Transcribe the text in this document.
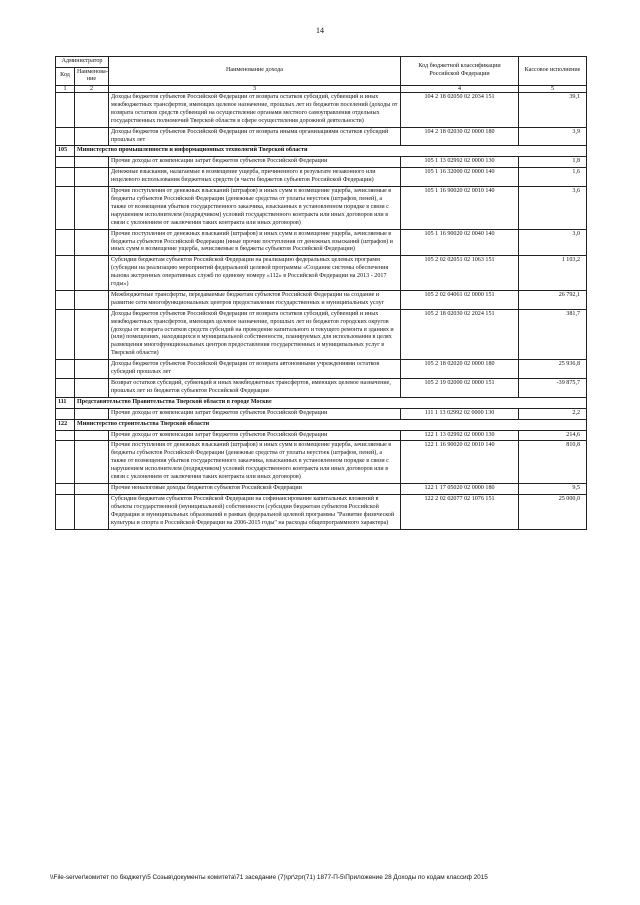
14
Администратор		Наименование дохода	Код бюджетной классификации Российской Федерации	Кассовое исполнение
Код	Наименова-ние			
1	2	3	4	5
		Доходы бюджетов субъектов Российской Федерации от возврата остатков субсидий, субвенций и иных межбюджетных трансфертов, имеющих целевое назначение, прошлых лет из бюджетов поселений (доходы от возврата остатков средств субвенций на осуществление органами местного самоуправления отдельных государственных полномочий Тверской области в сфере осуществления дорожной деятельности)	104 2 18 02050 02 2034 151	39,1
		Доходы бюджетов субъектов Российской Федерации от возврата иными организациями остатков субсидий прошлых лет	104 2 18 02030 02 0000 180	3,9
105	Министерство промышленности и информационных технологий Тверской области			
		Прочие доходы от компенсации затрат бюджетов субъектов Российской Федерации	105 1 13 02992 02 0000 130	1,8
		Денежные взыскания, налагаемые в возмещение ущерба, причиненного в результате незаконного или нецелевого использования бюджетных средств (в части бюджетов субъектов Российской Федерации)	105 1 16 32000 02 0000 140	1,6
		Прочие поступления от денежных взысканий (штрафов) и иных сумм в возмещение ущерба, зачисляемые в бюджеты субъектов Российской Федерации (денежные средства от уплаты неустоек (штрафов, пеней), а также от возмещения убытков государственного заказчика, взысканных в установленном порядке в связи с нарушением исполнителем (подрядчиком) условий государственного контракта или иных договоров или в связи с уклонением от заключения таких контракта или иных договоров)	105 1 16 90020 02 0010 140	3,6
		Прочие поступления от денежных взысканий (штрафов) и иных сумм в возмещение ущерба, зачисляемые в бюджеты субъектов Российской Федерации (иные прочие поступления от денежных взысканий (штрафов) и иных сумм в возмещение ущерба, зачисляемые в бюджеты субъектов Российской Федерации)	105 1 16 90020 02 0040 140	3,0
		Субсидии бюджетам субъектов Российской Федерации на реализацию федеральных целевых программ (субсидии на реализацию мероприятий федеральной целевой программы «Создание системы обеспечения вызова экстренных оперативных служб по единому номеру «112» в Российской Федерации на 2013 - 2017 годы»)	105 2 02 02051 02 1063 151	1 103,2
		Межбюджетные трансферты, передаваемые бюджетам субъектов Российской Федерации на создание и развитие сети многофункциональных центров предоставления государственных и муниципальных услуг	105 2 02 04061 02 0000 151	26 792,1
		Доходы бюджетов субъектов Российской Федерации от возврата остатков субсидий, субвенций и иных межбюджетных трансфертов, имеющих целевое назначение, прошлых лет из бюджетов городских округов (доходы от возврата остатков средств субсидий на проведение капитального и текущего ремонта в зданиях и (или) помещениях, находящихся в муниципальной собственности, планируемых для использования в целях размещения многофункциональных центров предоставления государственных и муниципальных услуг в Тверской области)	105 2 18 02030 02 2024 151	381,7
		Доходы бюджетов субъектов Российской Федерации от возврата автономными учреждениями остатков субсидий прошлых лет	105 2 18 02020 02 0000 180	25 936,8
		Возврат остатков субсидий, субвенций и иных межбюджетных трансфертов, имеющих целевое назначение, прошлых лет из бюджетов субъектов Российской Федерации	105 2 19 02000 02 0000 151	-39 875,7
111	Представительство Правительства Тверской области в городе Москве			
		Прочие доходы от компенсации затрат бюджетов субъектов Российской Федерации	111 1 13 02992 02 0000 130	2,2
122	Министерство строительства Тверской области			
		Прочие доходы от компенсации затрат бюджетов субъектов Российской Федерации	122 1 13 02992 02 0000 130	214,6
		Прочие поступления от денежных взысканий (штрафов) и иных сумм в возмещение ущерба, зачисляемые в бюджеты субъектов Российской Федерации (денежные средства от уплаты неустоек (штрафов, пеней), а также от возмещения убытков государственного заказчика, взысканных в установленном порядке в связи с нарушением исполнителем (подрядчиком) условий государственного контракта или иных договоров или в связи с уклонением от заключения таких контракта или иных договоров)	122 1 16 90020 02 0010 140	810,8
		Прочие неналоговые доходы бюджетов субъектов Российской Федерации	122 1 17 05020 02 0000 180	9,5
		Субсидии бюджетам субъектов Российской Федерации на софинансирование капитальных вложений в объекты государственной (муниципальной) собственности (субсидии бюджетам субъектов Российской Федерации и муниципальных образований в рамках федеральной целевой программы "Развитие физической культуры и спорта в Российской Федерации на 2006-2015 годы" на расходы общепрограммного характера)	122 2 02 02077 02 1076 151	25 000,0
\\File-server\комитет по бюджету\5 Созыв\документы комитета\71 заседание (7)\pr\zpr(71) 1877-П-5\Приложение 28 Доходы по кодам классиф 2015
